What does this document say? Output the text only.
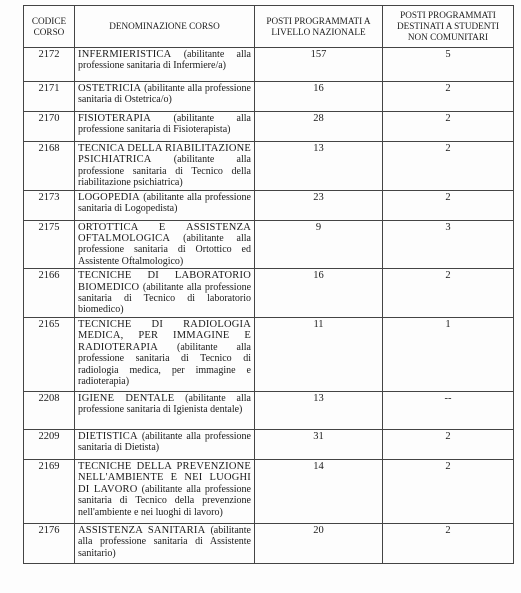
CODICE CORSO	DENOMINAZIONE CORSO	POSTI PROGRAMMATI A LIVELLO NAZIONALE	POSTI PROGRAMMATI DESTINATI A STUDENTI NON COMUNITARI
2172	INFERMIERISTICA (abilitante alla professione sanitaria di Infermiere/a)	157	5
2171	OSTETRICIA (abilitante alla professione sanitaria di Ostetrica/o)	16	2
2170	FISIOTERAPIA (abilitante alla professione sanitaria di Fisioterapista)	28	2
2168	TECNICA DELLA RIABILITAZIONE PSICHIATRICA (abilitante alla professione sanitaria di Tecnico della riabilitazione psichiatrica)	13	2
2173	LOGOPEDIA (abilitante alla professione sanitaria di Logopedista)	23	2
2175	ORTOTTICA E ASSISTENZA OFTALMOLOGICA (abilitante alla professione sanitaria di Ortottico ed Assistente Oftalmologico)	9	3
2166	TECNICHE DI LABORATORIO BIOMEDICO (abilitante alla professione sanitaria di Tecnico di laboratorio biomedico)	16	2
2165	TECNICHE DI RADIOLOGIA MEDICA, PER IMMAGINE E RADIOTERAPIA (abilitante alla professione sanitaria di Tecnico di radiologia medica, per immagine e radioterapia)	11	1
2208	IGIENE DENTALE (abilitante alla professione sanitaria di Igienista dentale)	13	--
2209	DIETISTICA (abilitante alla professione sanitaria di Dietista)	31	2
2169	TECNICHE DELLA PREVENZIONE NELL'AMBIENTE E NEI LUOGHI DI LAVORO (abilitante alla professione sanitaria di Tecnico della prevenzione nell'ambiente e nei luoghi di lavoro)	14	2
2176	ASSISTENZA SANITARIA (abilitante alla professione sanitaria di Assistente sanitario)	20	2
